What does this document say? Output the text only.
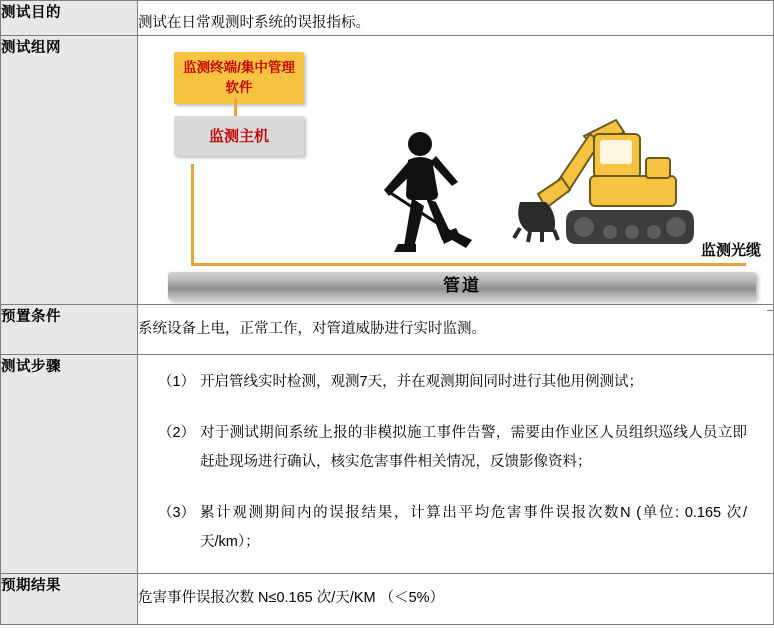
测试目的	测试在日常观测时系统的误报指标。
测试组网	监测终端/集中管理软件
监测主机
监测光缆
管道

预置条件	系统设备上电，正常工作，对管道威胁进行实时监测。
测试步骤	
（1） 开启管线实时检测，观测7天，并在观测期间同时进行其他用例测试；
（2） 对于测试期间系统上报的非模拟施工事件告警，需要由作业区人员组织巡线人员立即赶赴现场进行确认，核实危害事件相关情况，反馈影像资料；
（3） 累计观测期间内的误报结果，计算出平均危害事件误报次数N (单位: 0.165 次/天/km）；

预期结果	危害事件误报次数 N≤0.165 次/天/KM （＜5%）
